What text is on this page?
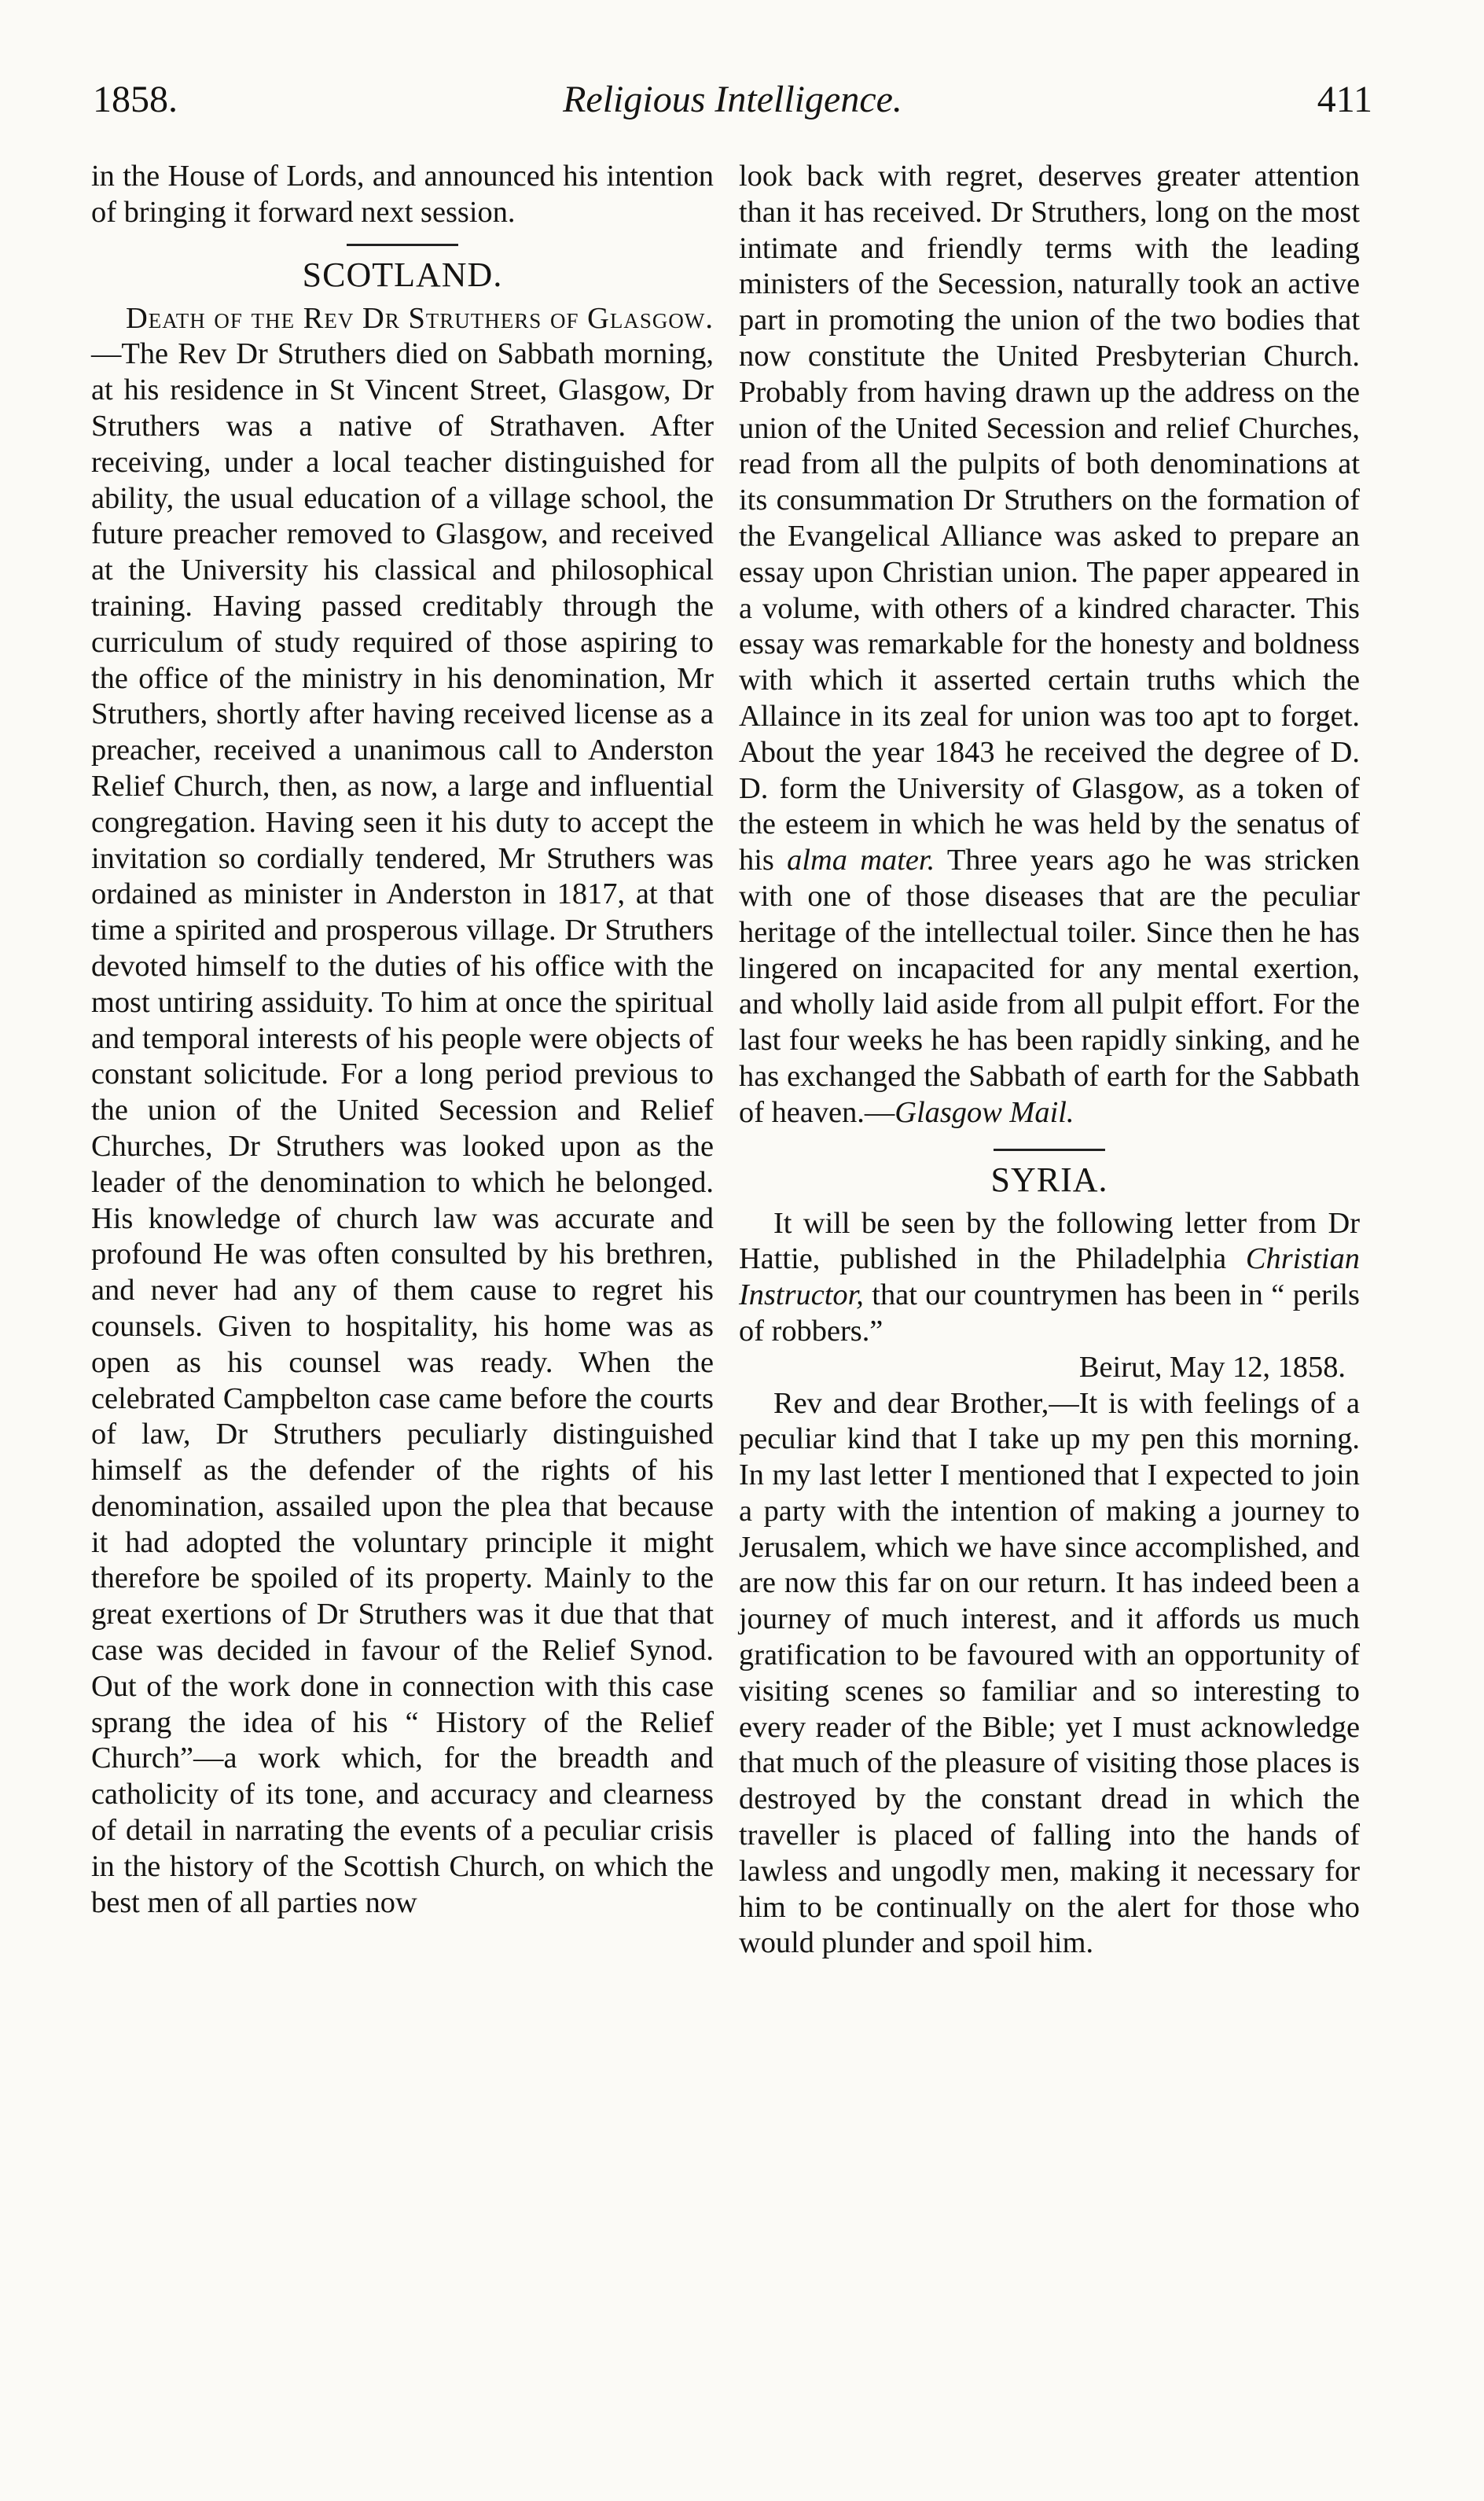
Religious Intelligence.
1858.	411

in the House of Lords, and announced his intention of bringing it forward next session.

SCOTLAND.

Death of the Rev Dr Struthers of Glasgow.—The Rev Dr Struthers died on Sabbath morning, at his residence in St Vincent Street, Glasgow, Dr Struthers was a native of Strathaven. After receiving, under a local teacher distinguished for ability, the usual education of a village school, the future preacher removed to Glasgow, and received at the University his classical and philosophical training. Having passed creditably through the curriculum of study required of those aspiring to the office of the ministry in his denomination, Mr Struthers, shortly after having received license as a preacher, received a unanimous call to Anderston Relief Church, then, as now, a large and influential congregation. Having seen it his duty to accept the invitation so cordially tendered, Mr Struthers was ordained as minister in Anderston in 1817, at that time a spirited and prosperous village. Dr Struthers devoted himself to the duties of his office with the most untiring assiduity. To him at once the spiritual and temporal interests of his people were objects of constant solicitude. For a long period previous to the union of the United Secession and Relief Churches, Dr Struthers was looked upon as the leader of the denomination to which he belonged. His knowledge of church law was accurate and profound He was often consulted by his brethren, and never had any of them cause to regret his counsels. Given to hospitality, his home was as open as his counsel was ready. When the celebrated Campbelton case came before the courts of law, Dr Struthers peculiarly distinguished himself as the defender of the rights of his denomination, assailed upon the plea that because it had adopted the voluntary principle it might therefore be spoiled of its property. Mainly to the great exertions of Dr Struthers was it due that that case was decided in favour of the Relief Synod. Out of the work done in connection with this case sprang the idea of his “ History of the Relief Church”—a work which, for the breadth and catholicity of its tone, and accuracy and clearness of detail in narrating the events of a peculiar crisis in the history of the Scottish Church, on which the best men of all parties now

look back with regret, deserves greater attention than it has received. Dr Struthers, long on the most intimate and friendly terms with the leading ministers of the Secession, naturally took an active part in promoting the union of the two bodies that now constitute the United Presbyterian Church. Probably from having drawn up the address on the union of the United Secession and relief Churches, read from all the pulpits of both denominations at its consummation Dr Struthers on the formation of the Evangelical Alliance was asked to prepare an essay upon Christian union. The paper appeared in a volume, with others of a kindred character. This essay was remarkable for the honesty and boldness with which it asserted certain truths which the Allaince in its zeal for union was too apt to forget. About the year 1843 he received the degree of D. D. form the University of Glasgow, as a token of the esteem in which he was held by the senatus of his alma mater. Three years ago he was stricken with one of those diseases that are the peculiar heritage of the intellectual toiler. Since then he has lingered on incapacited for any mental exertion, and wholly laid aside from all pulpit effort. For the last four weeks he has been rapidly sinking, and he has exchanged the Sabbath of earth for the Sabbath of heaven.—Glasgow Mail.

SYRIA.

It will be seen by the following letter from Dr Hattie, published in the Philadelphia Christian Instructor, that our countrymen has been in “ perils of robbers.”

Beirut, May 12, 1858.

Rev and dear Brother,—It is with feelings of a peculiar kind that I take up my pen this morning. In my last letter I mentioned that I expected to join a party with the intention of making a journey to Jerusalem, which we have since accomplished, and are now this far on our return. It has indeed been a journey of much interest, and it affords us much gratification to be favoured with an opportunity of visiting scenes so familiar and so interesting to every reader of the Bible; yet I must acknowledge that much of the pleasure of visiting those places is destroyed by the constant dread in which the traveller is placed of falling into the hands of lawless and ungodly men, making it necessary for him to be continually on the alert for those who would plunder and spoil him.
